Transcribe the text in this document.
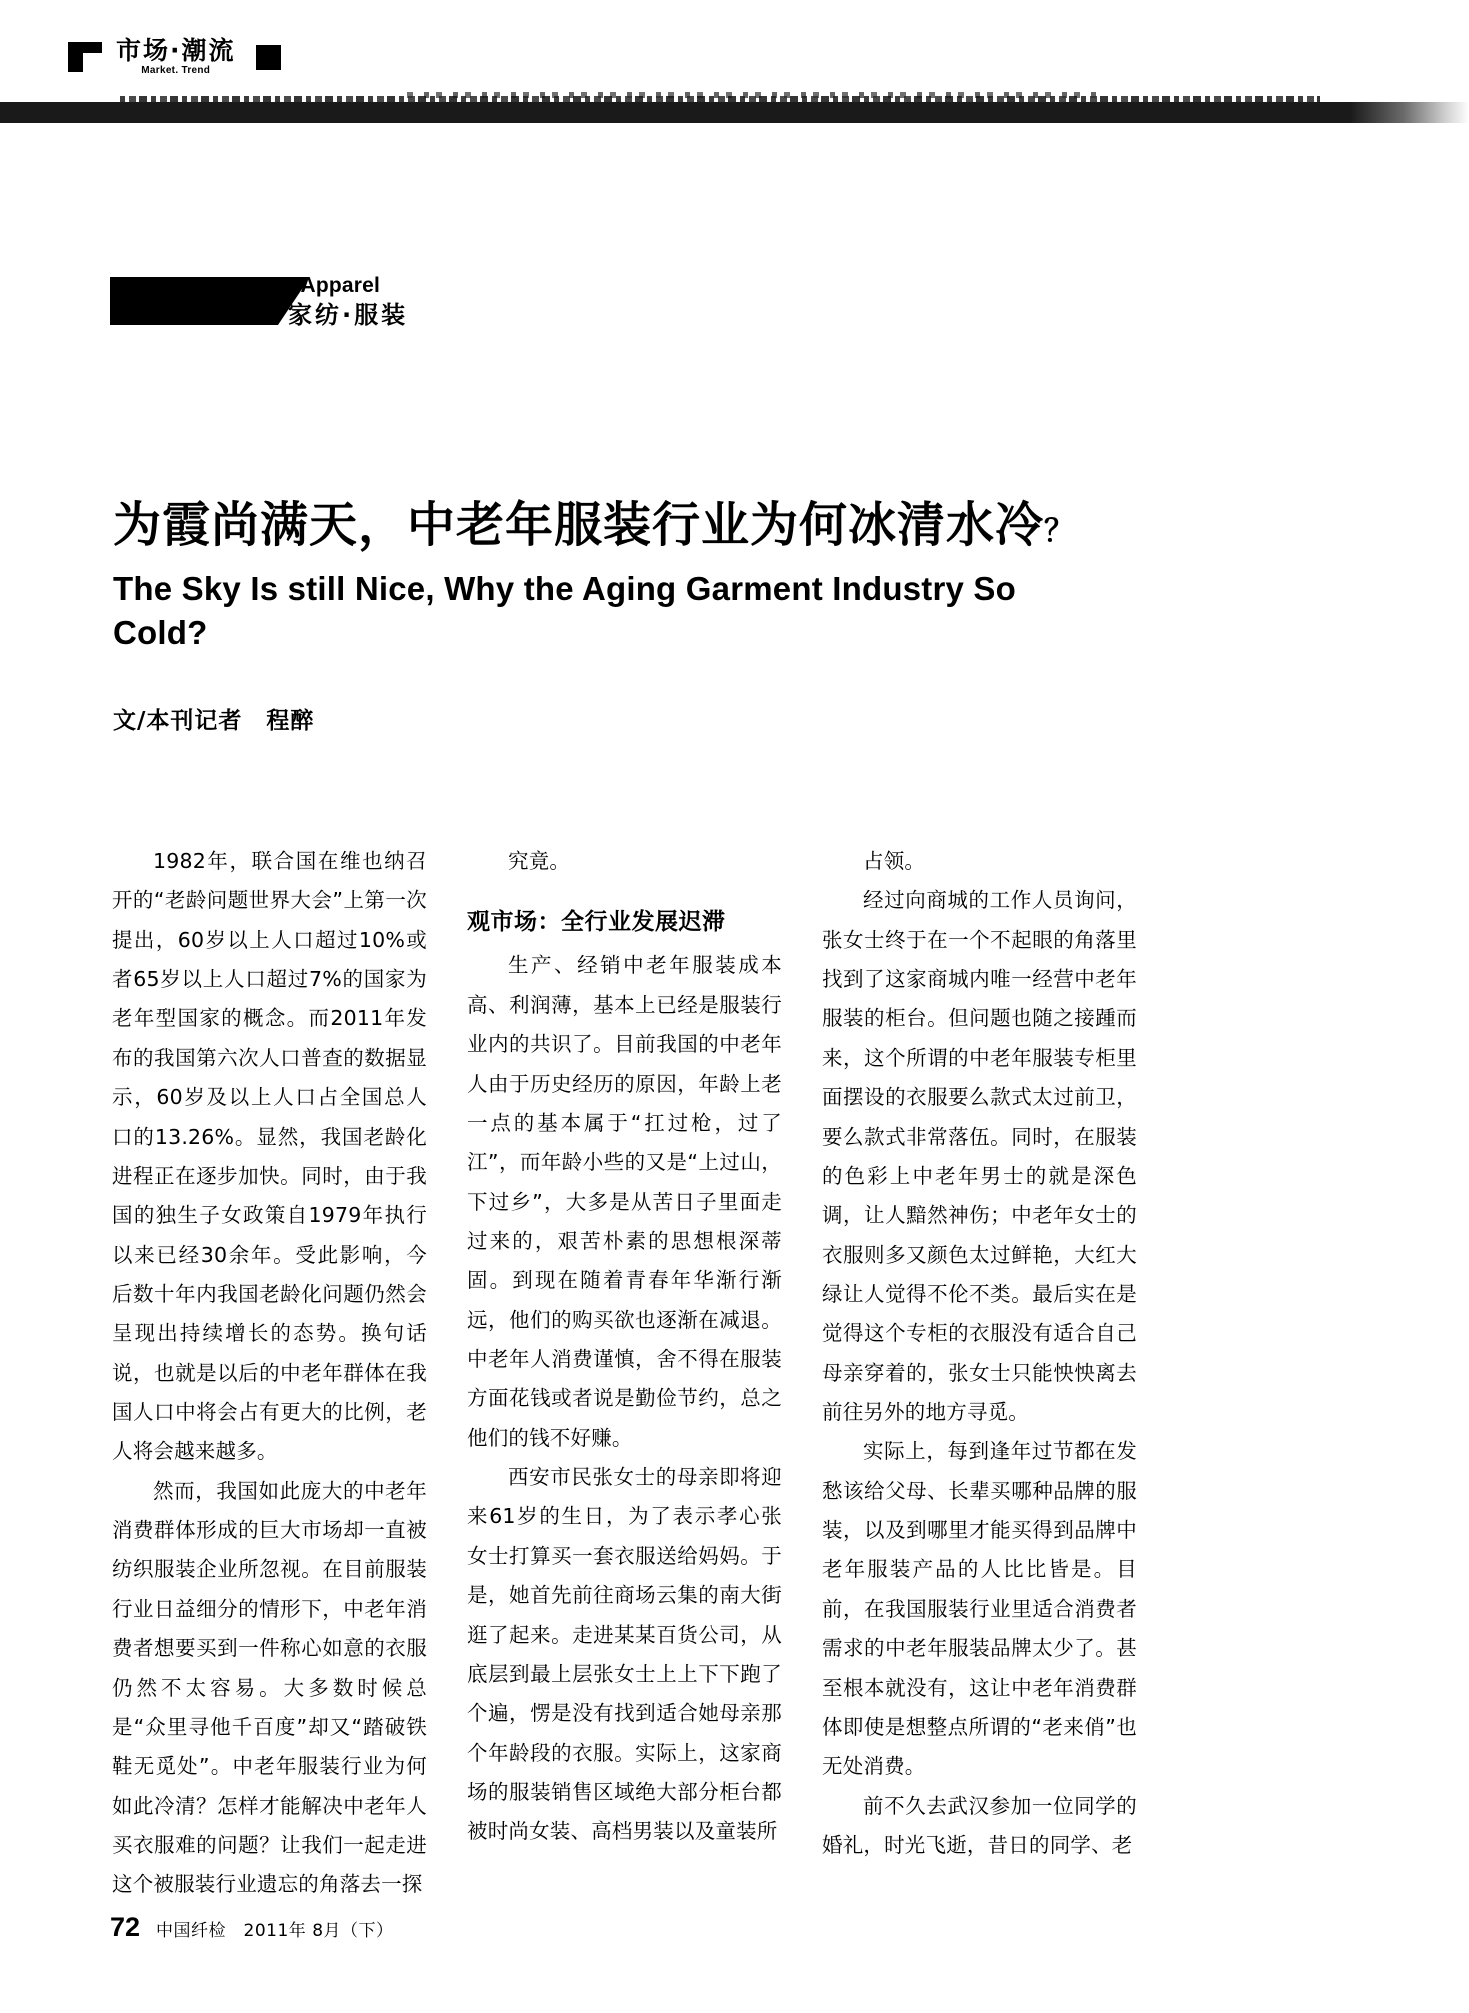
市场·潮流
Market. Trend
· Apparel
家纺·服装
为霞尚满天，中老年服装行业为何冰清水冷？
The Sky Is still Nice, Why the Aging Garment Industry So Cold?
文/本刊记者　程醉

1982年，联合国在维也纳召开的“老龄问题世界大会”上第一次提出，60岁以上人口超过10%或者65岁以上人口超过7%的国家为老年型国家的概念。而2011年发布的我国第六次人口普查的数据显示，60岁及以上人口占全国总人口的13.26%。显然，我国老龄化进程正在逐步加快。同时，由于我国的独生子女政策自1979年执行以来已经30余年。受此影响，今后数十年内我国老龄化问题仍然会呈现出持续增长的态势。换句话说，也就是以后的中老年群体在我国人口中将会占有更大的比例，老人将会越来越多。

然而，我国如此庞大的中老年消费群体形成的巨大市场却一直被纺织服装企业所忽视。在目前服装行业日益细分的情形下，中老年消费者想要买到一件称心如意的衣服仍然不太容易。大多数时候总是“众里寻他千百度”却又“踏破铁鞋无觅处”。中老年服装行业为何如此冷清？怎样才能解决中老年人买衣服难的问题？让我们一起走进这个被服装行业遗忘的角落去一探

究竟。

观市场：全行业发展迟滞

生产、经销中老年服装成本高、利润薄，基本上已经是服装行业内的共识了。目前我国的中老年人由于历史经历的原因，年龄上老一点的基本属于“扛过枪，过了江”，而年龄小些的又是“上过山，下过乡”，大多是从苦日子里面走过来的，艰苦朴素的思想根深蒂固。到现在随着青春年华渐行渐远，他们的购买欲也逐渐在减退。中老年人消费谨慎，舍不得在服装方面花钱或者说是勤俭节约，总之他们的钱不好赚。

西安市民张女士的母亲即将迎来61岁的生日，为了表示孝心张女士打算买一套衣服送给妈妈。于是，她首先前往商场云集的南大街逛了起来。走进某某百货公司，从底层到最上层张女士上上下下跑了个遍，愣是没有找到适合她母亲那个年龄段的衣服。实际上，这家商场的服装销售区域绝大部分柜台都被时尚女装、高档男装以及童装所

占领。

经过向商城的工作人员询问，张女士终于在一个不起眼的角落里找到了这家商城内唯一经营中老年服装的柜台。但问题也随之接踵而来，这个所谓的中老年服装专柜里面摆设的衣服要么款式太过前卫，要么款式非常落伍。同时，在服装的色彩上中老年男士的就是深色调，让人黯然神伤；中老年女士的衣服则多又颜色太过鲜艳，大红大绿让人觉得不伦不类。最后实在是觉得这个专柜的衣服没有适合自己母亲穿着的，张女士只能怏怏离去前往另外的地方寻觅。

实际上，每到逢年过节都在发愁该给父母、长辈买哪种品牌的服装，以及到哪里才能买得到品牌中老年服装产品的人比比皆是。目前，在我国服装行业里适合消费者需求的中老年服装品牌太少了。甚至根本就没有，这让中老年消费群体即使是想整点所谓的“老来俏”也无处消费。

前不久去武汉参加一位同学的婚礼，时光飞逝，昔日的同学、老

72 中国纤检　2011年 8月（下）
